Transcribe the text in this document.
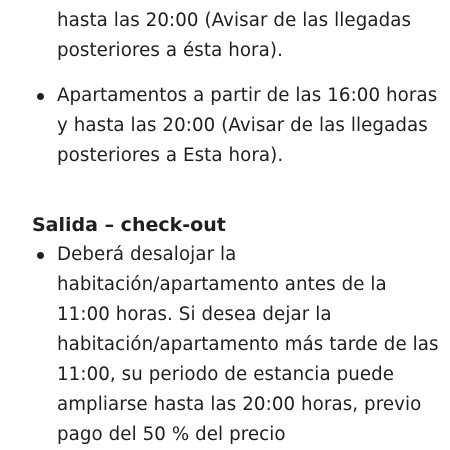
hasta las 20:00 (Avisar de las llegadas posteriores a ésta hora).
Apartamentos a partir de las 16:00 horas y hasta las 20:00 (Avisar de las llegadas posteriores a Esta hora).
Salida – check-out
Deberá desalojar la habitación/apartamento antes de la 11:00 horas. Si desea dejar la habitación/apartamento más tarde de las 11:00, su periodo de estancia puede ampliarse hasta las 20:00 horas, previo pago del 50 % del precio
